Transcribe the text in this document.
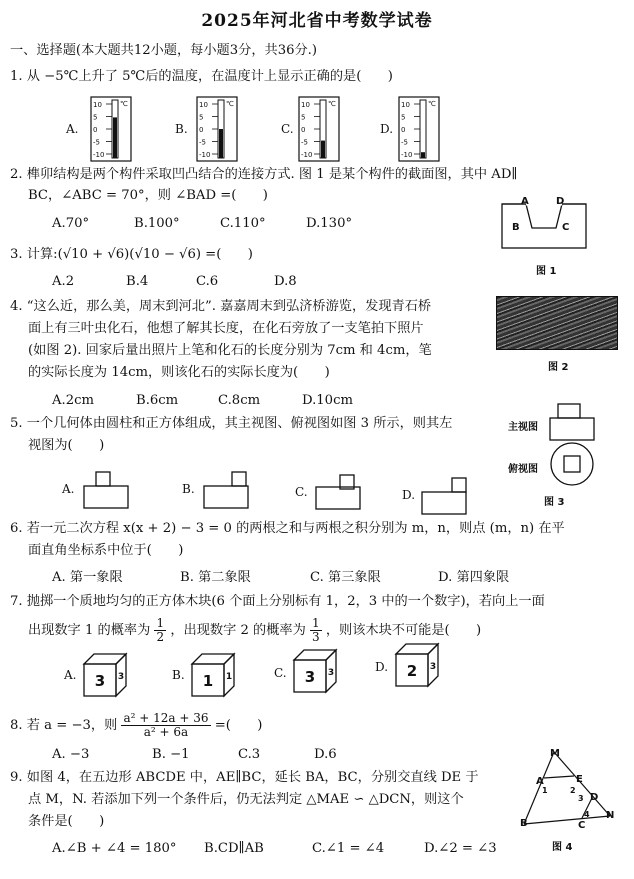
2025年河北省中考数学试卷
一、选择题(本大题共12小题，每小题3分，共36分.)
1. 从 −5℃上升了 5℃后的温度，在温度计上显示正确的是(　　)
A.	B.	C.	D.
10
5
0
-5
-10
℃	10
5
0
-5
-10
℃	10
5
0
-5
-10
℃	10
5
0
-5
-10
℃
2. 榫卯结构是两个构件采取凹凸结合的连接方式. 图 1 是某个构件的截面图，其中 AD∥
BC，∠ABC = 70°，则 ∠BAD =(　　)
A.70°	B.100°	C.110°	D.130°
A	D
B	C
图 1
3. 计算:(√10 + √6)(√10 − √6) =(　　)
A.2	B.4	C.6	D.8
4. “这么近，那么美，周末到河北”. 嘉嘉周末到弘济桥游览，发现青石桥
面上有三叶虫化石，他想了解其长度，在化石旁放了一支笔拍下照片
(如图 2). 回家后量出照片上笔和化石的长度分别为 7cm 和 4cm，笔
的实际长度为 14cm，则该化石的实际长度为(　　)
A.2cm	B.6cm	C.8cm	D.10cm
图 2
5. 一个几何体由圆柱和正方体组成，其主视图、俯视图如图 3 所示，则其左
视图为(　　)
主视图
俯视图
图 3
A.	B.	C.	D.
6. 若一元二次方程 x(x + 2) − 3 = 0 的两根之和与两根之积分别为 m，n，则点 (m，n) 在平
面直角坐标系中位于(　　)
A. 第一象限	B. 第二象限	C. 第三象限	D. 第四象限
7. 抛掷一个质地均匀的正方体木块(6 个面上分别标有 1，2，3 中的一个数字)，若向上一面
出现数字 1 的概率为 $\frac{1}{2}$ ，出现数字 2 的概率为 $\frac{1}{3}$ ，则该木块不可能是(　　)
A.	B.	C.	D.
8. 若 a = −3，则 $\frac{\text{a² + 12a + 36}}{\text{a² + 6a}}$ =(　　)
A. −3	B. −1	C.3	D.6
9. 如图 4，在五边形 ABCDE 中，AE∥BC，延长 BA，BC，分别交直线 DE 于
点 M，N. 若添加下列一个条件后，仍无法判定 △MAE ∽ △DCN，则这个
条件是(　　)
A.∠B + ∠4 = 180° B.CD∥AB	C.∠1 = ∠4	D.∠2 = ∠3
M
A	E
1	2
3
4
D
B	C
N
图 4
3 3	1 1	3 3	2 3
